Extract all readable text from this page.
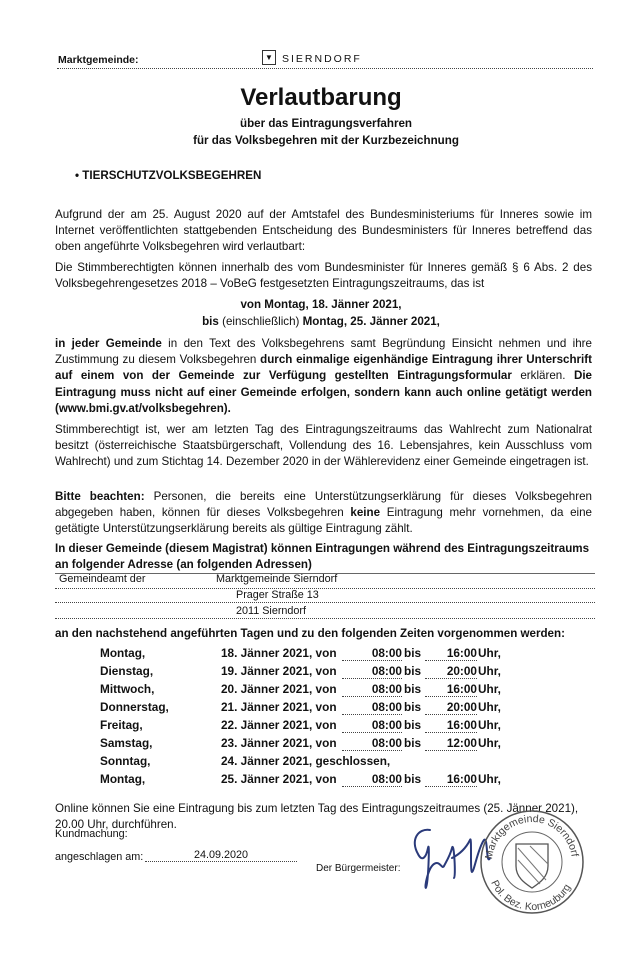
Marktgemeinde:	▼ SIERNDORF
Verlautbarung
über das Eintragungsverfahren
für das Volksbegehren mit der Kurzbezeichnung
• TIERSCHUTZVOLKSBEGEHREN
Aufgrund der am 25. August 2020 auf der Amtstafel des Bundesministeriums für Inneres sowie im Internet veröffentlichten stattgebenden Entscheidung des Bundesministers für Inneres betreffend das oben angeführte Volksbegehren wird verlautbart:
Die Stimmberechtigten können innerhalb des vom Bundesminister für Inneres gemäß § 6 Abs. 2 des Volksbegehrengesetzes 2018 – VoBeG festgesetzten Eintragungszeitraums, das ist
von Montag, 18. Jänner 2021,
bis (einschließlich) Montag, 25. Jänner 2021,
in jeder Gemeinde in den Text des Volksbegehrens samt Begründung Einsicht nehmen und ihre Zustimmung zu diesem Volksbegehren durch einmalige eigenhändige Eintragung ihrer Unterschrift auf einem von der Gemeinde zur Verfügung gestellten Eintragungsformular erklären. Die Eintragung muss nicht auf einer Gemeinde erfolgen, sondern kann auch online getätigt werden (www.bmi.gv.at/volksbegehren).
Stimmberechtigt ist, wer am letzten Tag des Eintragungszeitraums das Wahlrecht zum Nationalrat besitzt (österreichische Staatsbürgerschaft, Vollendung des 16. Lebensjahres, kein Ausschluss vom Wahlrecht) und zum Stichtag 14. Dezember 2020 in der Wählerevidenz einer Gemeinde eingetragen ist.
Bitte beachten: Personen, die bereits eine Unterstützungserklärung für dieses Volksbegehren abgegeben haben, können für dieses Volksbegehren keine Eintragung mehr vornehmen, da eine getätigte Unterstützungserklärung bereits als gültige Eintragung zählt.
In dieser Gemeinde (diesem Magistrat) können Eintragungen während des Eintragungszeitraums an folgender Adresse (an folgenden Adressen)
Gemeindeamt der	Marktgemeinde Sierndorf
Prager Straße 13
2011 Sierndorf
an den nachstehend angeführten Tagen und zu den folgenden Zeiten vorgenommen werden:
Montag,	18. Jänner 2021 , von	08:00 bis	16:00 Uhr,
Dienstag,	19. Jänner 2021 , von	08:00 bis	20:00 Uhr,
Mittwoch,	20. Jänner 2021 , von	08:00 bis	16:00 Uhr,
Donnerstag,	21. Jänner 2021 , von	08:00 bis	20:00 Uhr,
Freitag,	22. Jänner 2021 , von	08:00 bis	16:00 Uhr,
Samstag,	23. Jänner 2021 , von	08:00 bis	12:00 Uhr,
Sonntag,	24. Jänner 2021, geschlossen,
Montag,	25. Jänner 2021 , von	08:00 bis	16:00 Uhr,
Online können Sie eine Eintragung bis zum letzten Tag des Eintragungszeitraumes (25. Jänner 2021), 20.00 Uhr, durchführen.
Kundmachung:
angeschlagen am:	24.09.2020
Der Bürgermeister:
Marktgemeinde Sierndorf
Pol. Bez. Korneuburg
